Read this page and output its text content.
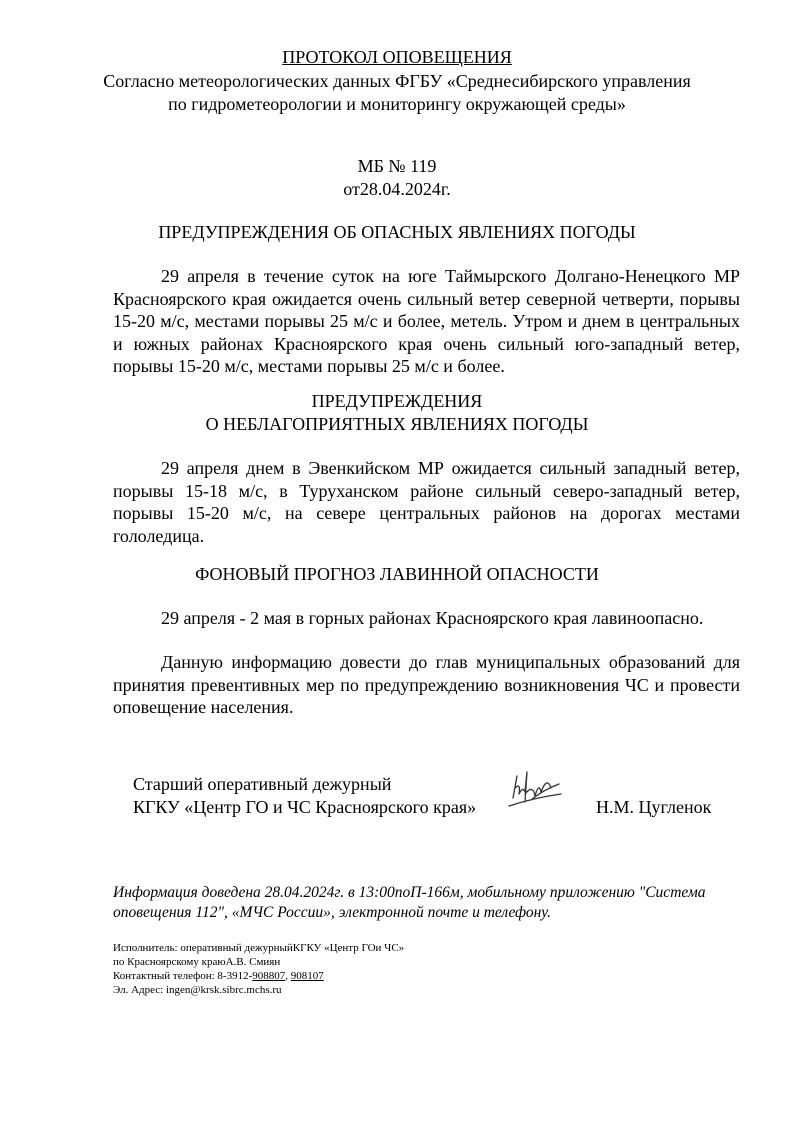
ПРОТОКОЛ ОПОВЕЩЕНИЯ
Согласно метеорологических данных ФГБУ «Среднесибирского управления
по гидрометеорологии и мониторингу окружающей среды»
МБ № 119
от28.04.2024г.
ПРЕДУПРЕЖДЕНИЯ ОБ ОПАСНЫХ ЯВЛЕНИЯХ ПОГОДЫ
29 апреля в течение суток на юге Таймырского Долгано-Ненецкого МР Красноярского края ожидается очень сильный ветер северной четверти, порывы 15-20 м/с, местами порывы 25 м/с и более, метель. Утром и днем в центральных и южных районах Красноярского края очень сильный юго-западный ветер, порывы 15-20 м/с, местами порывы 25 м/с и более.
ПРЕДУПРЕЖДЕНИЯ
О НЕБЛАГОПРИЯТНЫХ ЯВЛЕНИЯХ ПОГОДЫ
29 апреля днем в Эвенкийском МР ожидается сильный западный ветер, порывы 15-18 м/с, в Туруханском районе сильный северо-западный ветер, порывы 15-20 м/с, на севере центральных районов на дорогах местами гололедица.
ФОНОВЫЙ ПРОГНОЗ ЛАВИННОЙ ОПАСНОСТИ
29 апреля - 2 мая в горных районах Красноярского края лавиноопасно.
Данную информацию довести до глав муниципальных образований для принятия превентивных мер по предупреждению возникновения ЧС и провести оповещение населения.
Старший оперативный дежурный
КГКУ «Центр ГО и ЧС Красноярского края»	Н.М. Цугленок
Информация доведена 28.04.2024г. в 13:00поП-166м, мобильному приложению "Система оповещения 112", «МЧС России», электронной почте и телефону.
Исполнитель: оперативный дежурныйКГКУ «Центр ГОи ЧС»
по Красноярскому краюА.В. Смиян
Контактный телефон: 8-3912-908807, 908107
Эл. Адрес: ingen@krsk.sibrc.mchs.ru
